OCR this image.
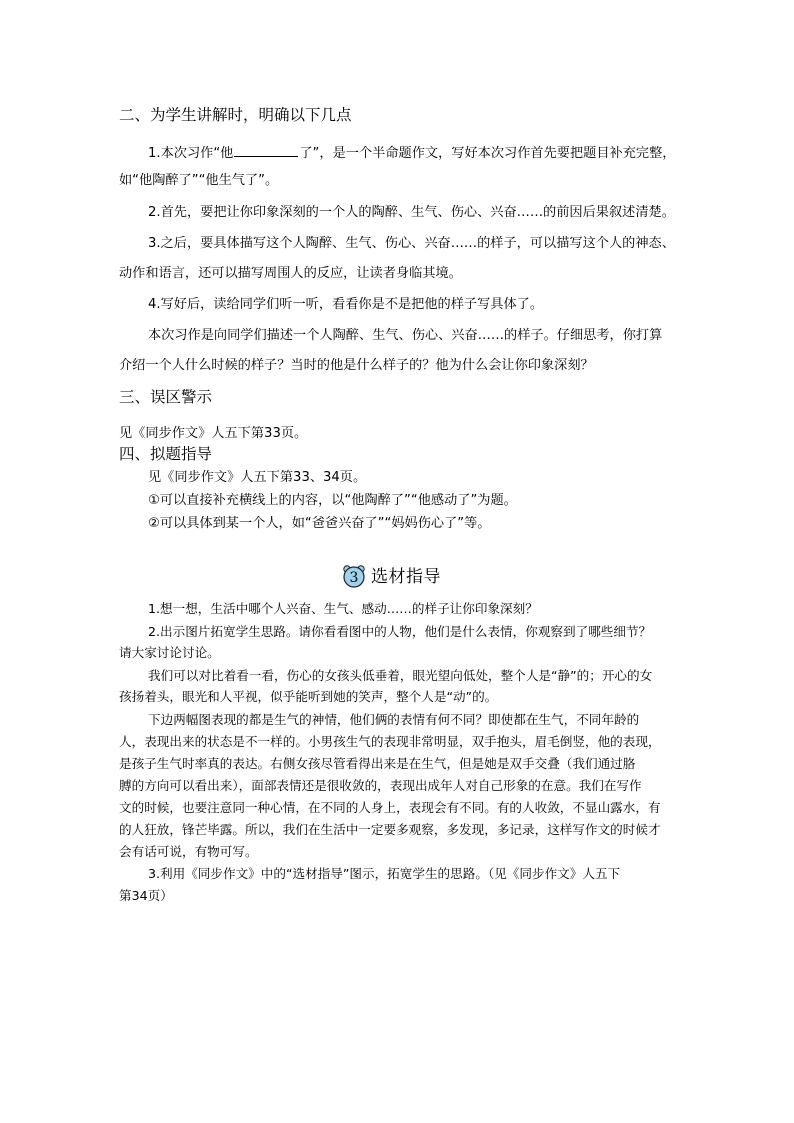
二、为学生讲解时，明确以下几点
1.本次习作“他	了”，是一个半命题作文，写好本次习作首先要把题目补充完整，
如“他陶醉了”“他生气了”。
2.首先，要把让你印象深刻的一个人的陶醉、生气、伤心、兴奋……的前因后果叙述清楚。
3.之后，要具体描写这个人陶醉、生气、伤心、兴奋……的样子，可以描写这个人的神态、
动作和语言，还可以描写周围人的反应，让读者身临其境。
4.写好后，读给同学们听一听，看看你是不是把他的样子写具体了。
本次习作是向同学们描述一个人陶醉、生气、伤心、兴奋……的样子。仔细思考，你打算
介绍一个人什么时候的样子？当时的他是什么样子的？他为什么会让你印象深刻？
三、误区警示
见《同步作文》人五下第33页。
四、拟题指导
见《同步作文》人五下第33、34页。
①可以直接补充横线上的内容，以“他陶醉了”“他感动了”为题。
②可以具体到某一个人，如“爸爸兴奋了”“妈妈伤心了”等。
3 选材指导
1.想一想，生活中哪个人兴奋、生气、感动……的样子让你印象深刻？
2.出示图片拓宽学生思路。请你看看图中的人物，他们是什么表情，你观察到了哪些细节？
请大家讨论讨论。
我们可以对比着看一看，伤心的女孩头低垂着，眼光望向低处，整个人是“静”的；开心的女
孩扬着头，眼光和人平视，似乎能听到她的笑声，整个人是“动”的。
下边两幅图表现的都是生气的神情，他们俩的表情有何不同？即使都在生气，不同年龄的
人，表现出来的状态是不一样的。小男孩生气的表现非常明显，双手抱头，眉毛倒竖，他的表现，
是孩子生气时率真的表达。右侧女孩尽管看得出来是在生气，但是她是双手交叠（我们通过胳
膊的方向可以看出来），面部表情还是很收敛的，表现出成年人对自己形象的在意。我们在写作
文的时候，也要注意同一种心情，在不同的人身上，表现会有不同。有的人收敛，不显山露水，有
的人狂放，锋芒毕露。所以，我们在生活中一定要多观察，多发现，多记录，这样写作文的时候才
会有话可说，有物可写。
3.利用《同步作文》中的“选材指导”图示，拓宽学生的思路。（见《同步作文》人五下
第34页）
